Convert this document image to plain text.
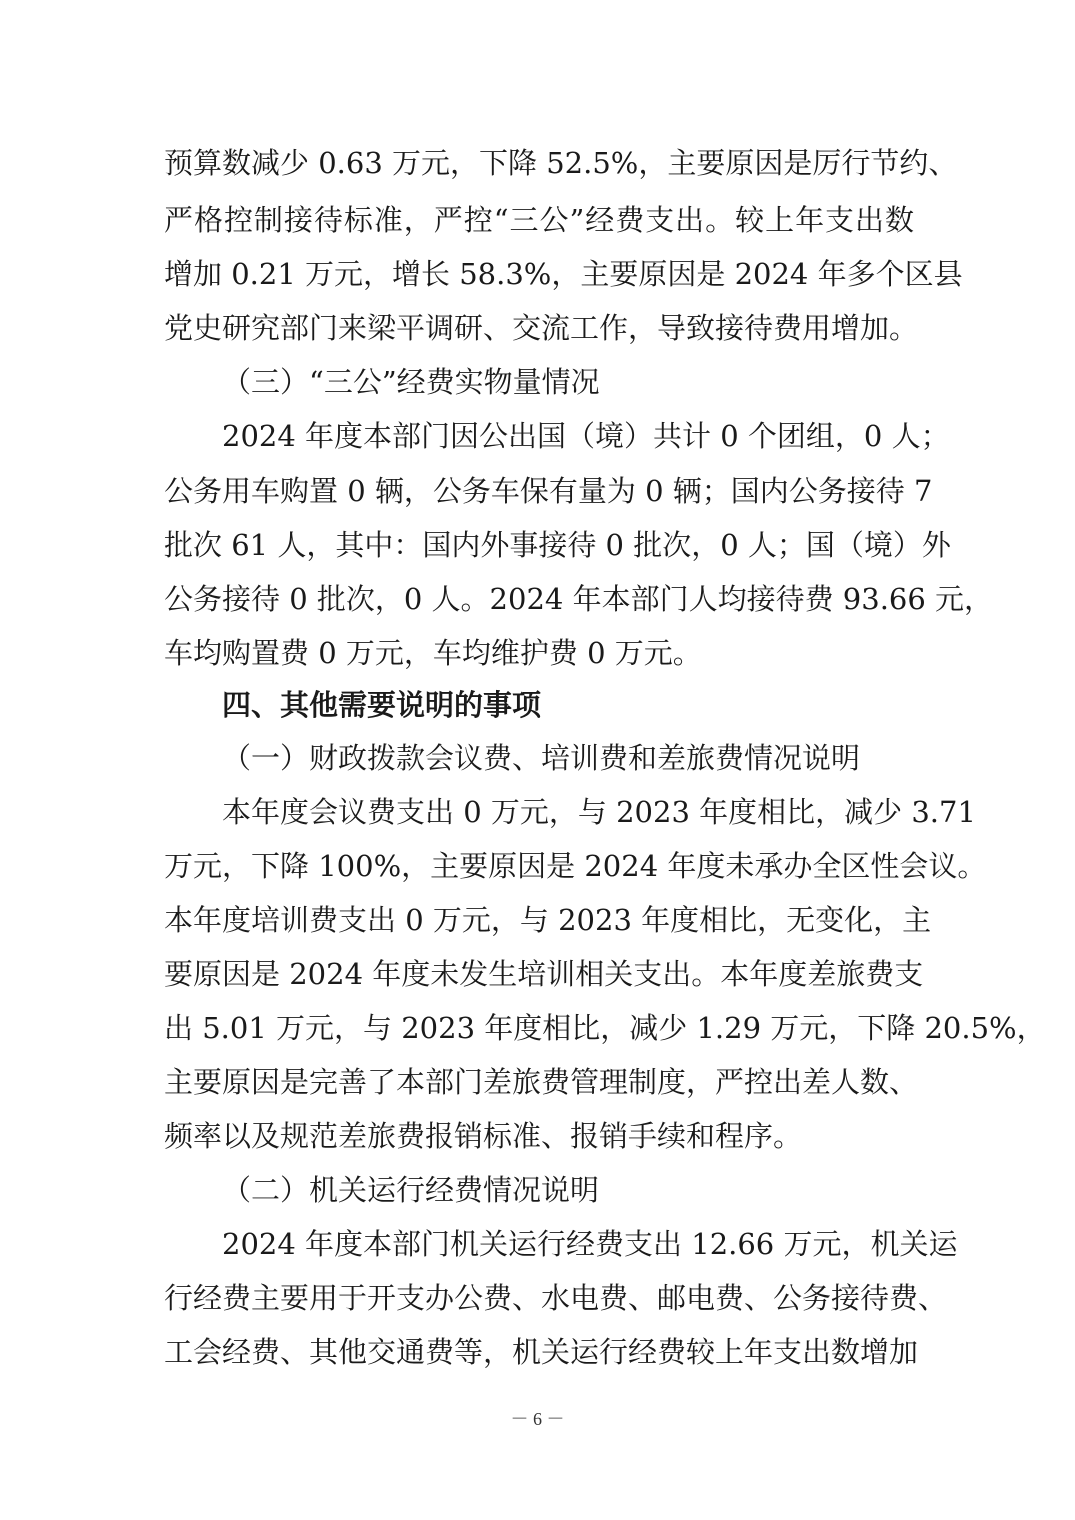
预算数减少 0.63 万元，下降 52.5%，主要原因是厉行节约、
严格控制接待标准，严控“三公”经费支出。较上年支出数
增加 0.21 万元，增长 58.3%，主要原因是 2024 年多个区县
党史研究部门来梁平调研、交流工作，导致接待费用增加。
（三）“三公”经费实物量情况
2024 年度本部门因公出国（境）共计 0 个团组，0 人；
公务用车购置 0 辆，公务车保有量为 0 辆；国内公务接待 7
批次 61 人，其中：国内外事接待 0 批次，0 人；国（境）外
公务接待 0 批次，0 人。2024 年本部门人均接待费 93.66 元，
车均购置费 0 万元，车均维护费 0 万元。
四、其他需要说明的事项
（一）财政拨款会议费、培训费和差旅费情况说明
本年度会议费支出 0 万元，与 2023 年度相比，减少 3.71
万元，下降 100%，主要原因是 2024 年度未承办全区性会议。
本年度培训费支出 0 万元，与 2023 年度相比，无变化，主
要原因是 2024 年度未发生培训相关支出。本年度差旅费支
出 5.01 万元，与 2023 年度相比，减少 1.29 万元，下降 20.5%，
主要原因是完善了本部门差旅费管理制度，严控出差人数、
频率以及规范差旅费报销标准、报销手续和程序。
（二）机关运行经费情况说明
2024 年度本部门机关运行经费支出 12.66 万元，机关运
行经费主要用于开支办公费、水电费、邮电费、公务接待费、
工会经费、其他交通费等，机关运行经费较上年支出数增加
－ 6 －
